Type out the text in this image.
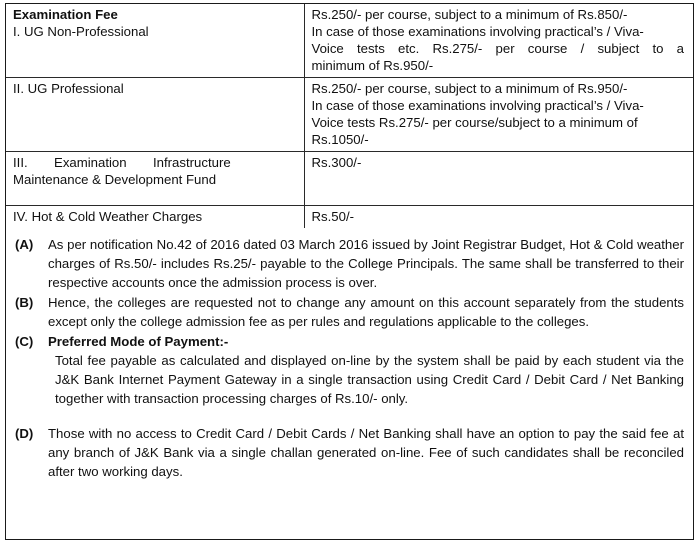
Examination Fee
I. UG Non-Professional	Rs.250/- per course, subject to a minimum of Rs.850/-
In case of those examinations involving practical’s / Viva-
Voice tests etc. Rs.275/- per course / subject to a
minimum of Rs.950/-

II. UG Professional	Rs.250/- per course, subject to a minimum of Rs.950/-
In case of those examinations involving practical’s / Viva-
Voice tests Rs.275/- per course/subject to a minimum of
Rs.1050/-

III.  Examination  Infrastructure
Maintenance & Development Fund	Rs.300/-

IV. Hot & Cold Weather Charges	Rs.50/-
(A)	As per notification No.42 of 2016 dated 03 March 2016 issued by Joint Registrar Budget, Hot & Cold weather charges of Rs.50/- includes Rs.25/- payable to the College Principals. The same shall be transferred to their respective accounts once the admission process is over.
(B)	Hence, the colleges are requested not to change any amount on this account separately from the students except only the college admission fee as per rules and regulations applicable to the colleges.
(C)	Preferred Mode of Payment:-
Total fee payable as calculated and displayed on-line by the system shall be paid by each student via the J&K Bank Internet Payment Gateway in a single transaction using Credit Card / Debit Card / Net Banking together with transaction processing charges of Rs.10/- only.
(D)	Those with no access to Credit Card / Debit Cards / Net Banking shall have an option to pay the said fee at any branch of J&K Bank via a single challan generated on-line. Fee of such candidates shall be reconciled after two working days.
